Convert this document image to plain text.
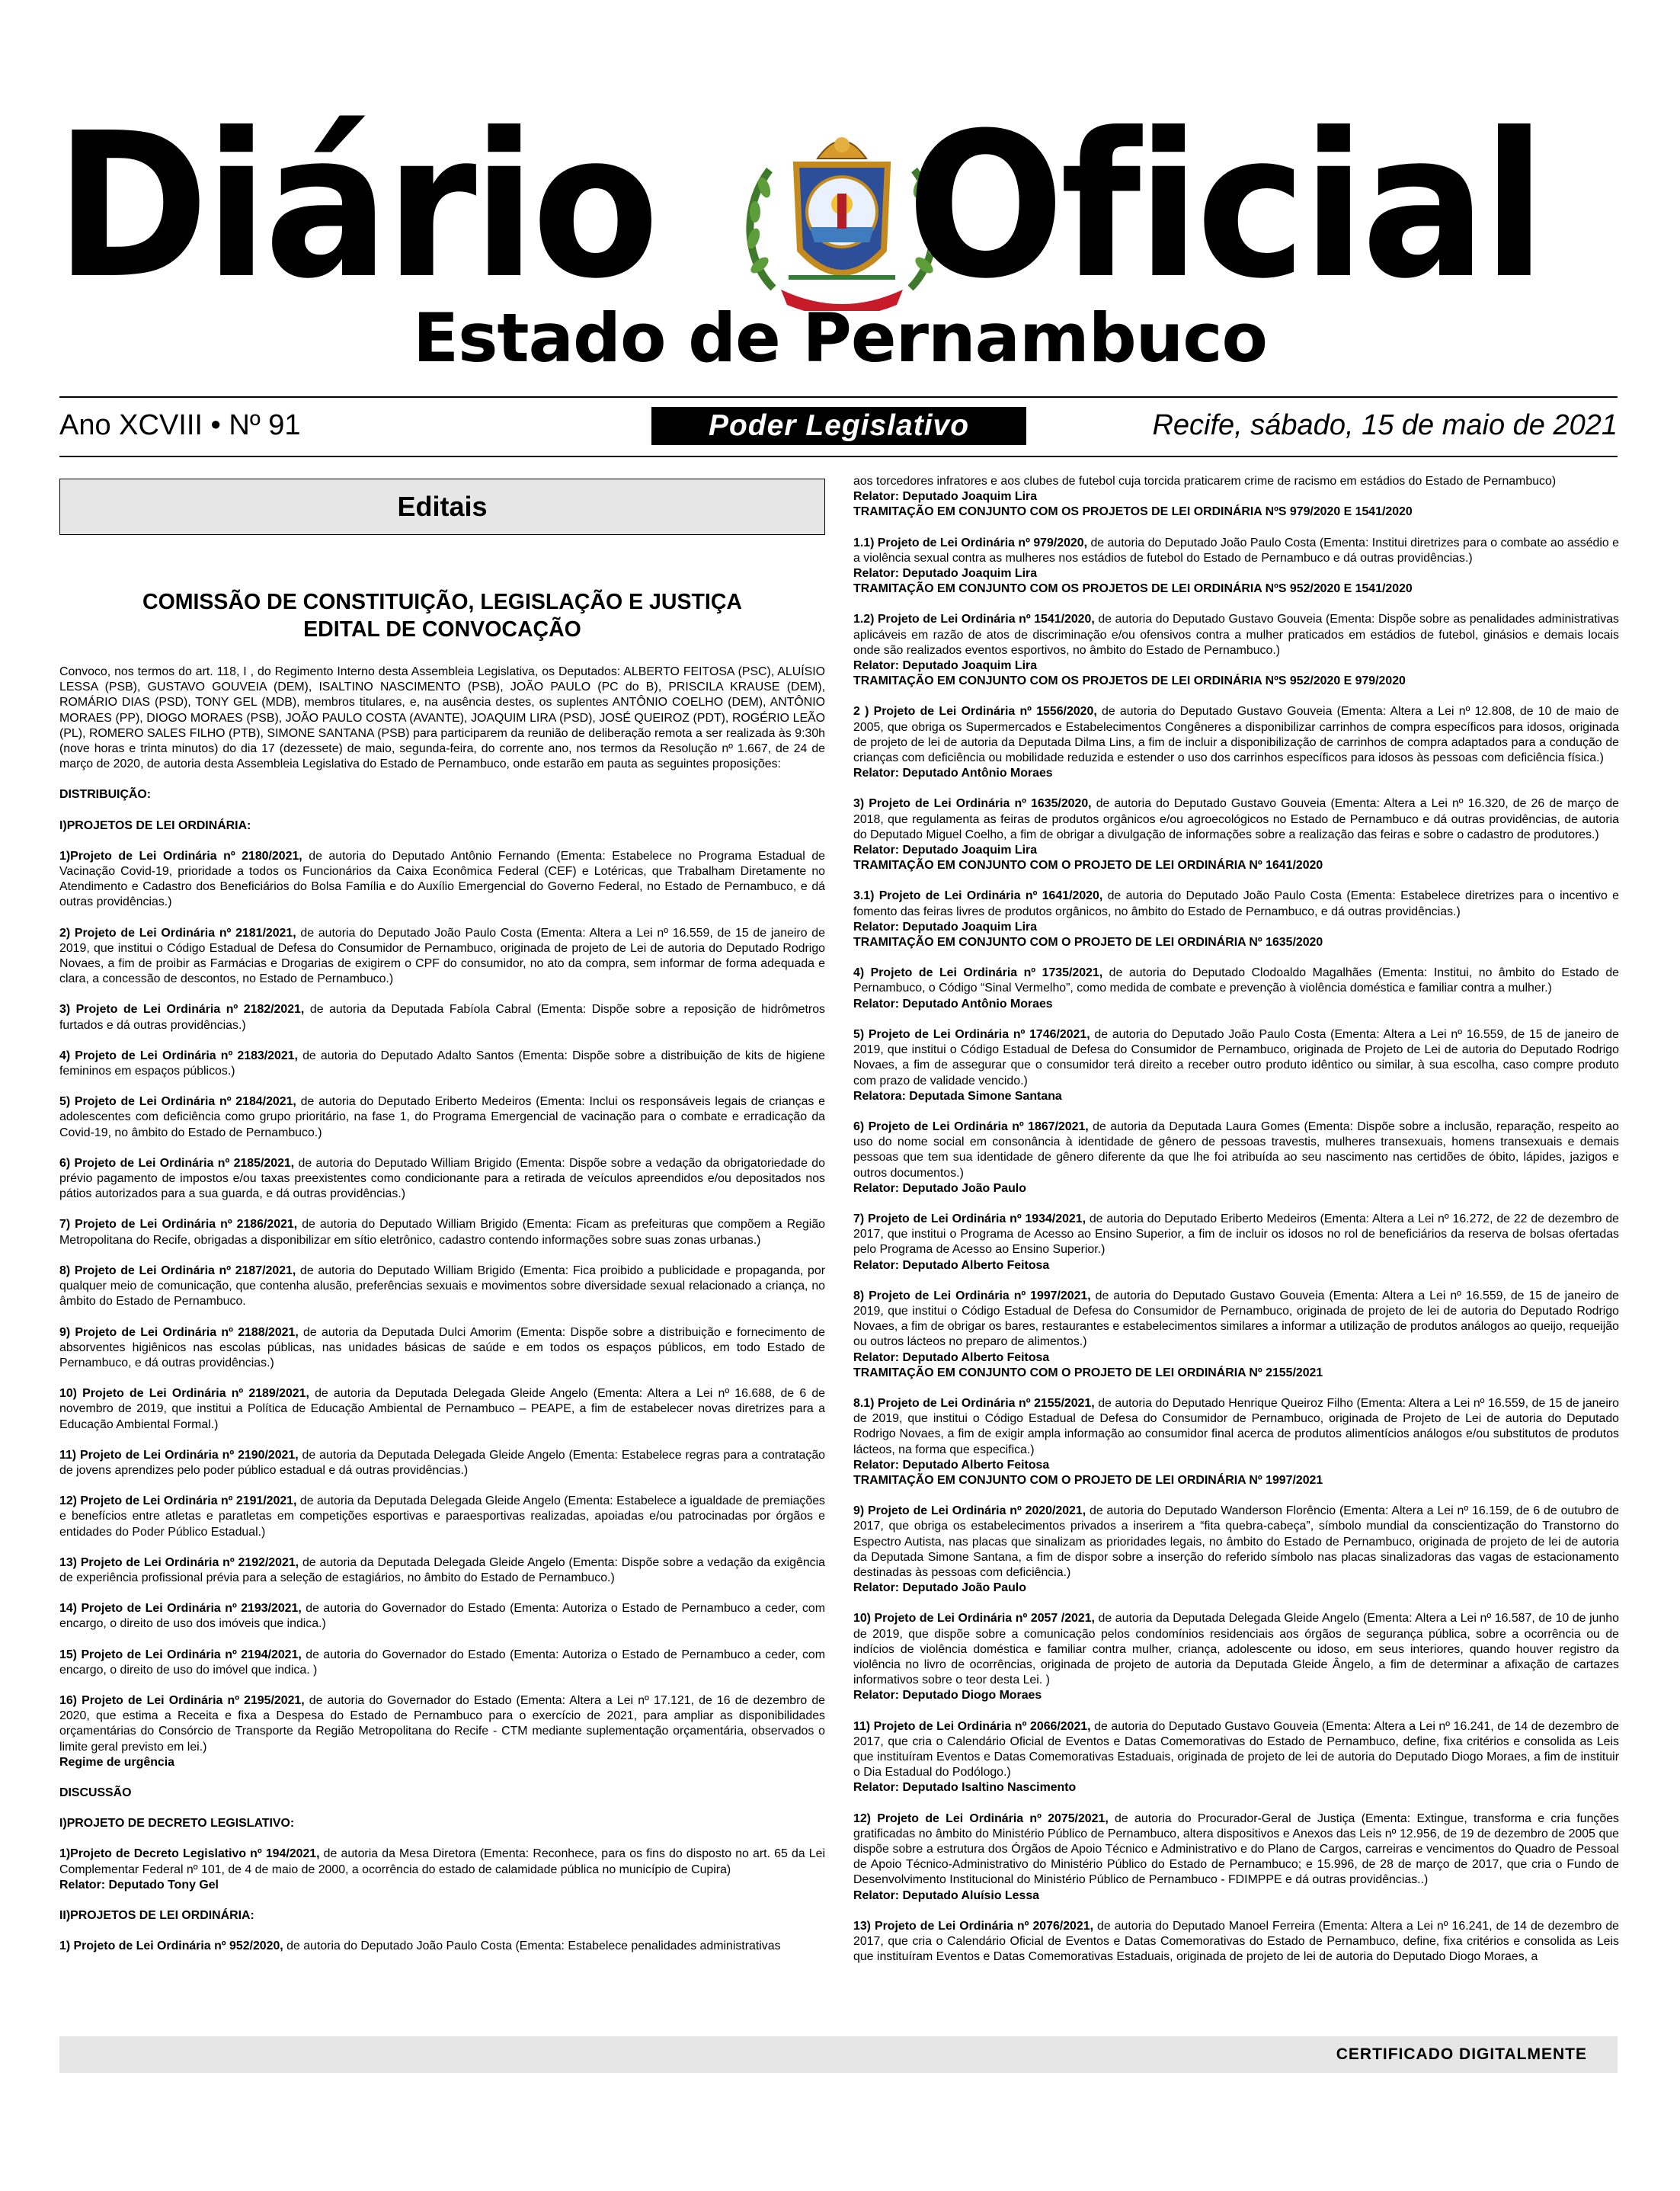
Diário Oficial
Estado de Pernambuco
Ano XCVIII • Nº 91	Poder Legislativo	Recife, sábado, 15 de maio de 2021
Editais
COMISSÃO DE CONSTITUIÇÃO, LEGISLAÇÃO E JUSTIÇA
EDITAL DE CONVOCAÇÃO

Convoco, nos termos do art. 118, I , do Regimento Interno desta Assembleia Legislativa, os Deputados: ALBERTO FEITOSA (PSC), ALUÍSIO LESSA (PSB), GUSTAVO GOUVEIA (DEM), ISALTINO NASCIMENTO (PSB), JOÃO PAULO (PC do B), PRISCILA KRAUSE (DEM), ROMÁRIO DIAS (PSD), TONY GEL (MDB), membros titulares, e, na ausência destes, os suplentes ANTÔNIO COELHO (DEM), ANTÔNIO MORAES (PP), DIOGO MORAES (PSB), JOÃO PAULO COSTA (AVANTE), JOAQUIM LIRA (PSD), JOSÉ QUEIROZ (PDT), ROGÉRIO LEÃO (PL), ROMERO SALES FILHO (PTB), SIMONE SANTANA (PSB) para participarem da reunião de deliberação remota a ser realizada às 9:30h (nove horas e trinta minutos) do dia 17 (dezessete) de maio, segunda-feira, do corrente ano, nos termos da Resolução nº 1.667, de 24 de março de 2020, de autoria desta Assembleia Legislativa do Estado de Pernambuco, onde estarão em pauta as seguintes proposições:

DISTRIBUIÇÃO:

I)PROJETOS DE LEI ORDINÁRIA:

1)Projeto de Lei Ordinária nº 2180/2021, de autoria do Deputado Antônio Fernando (Ementa: Estabelece no Programa Estadual de Vacinação Covid-19, prioridade a todos os Funcionários da Caixa Econômica Federal (CEF) e Lotéricas, que Trabalham Diretamente no Atendimento e Cadastro dos Beneficiários do Bolsa Família e do Auxílio Emergencial do Governo Federal, no Estado de Pernambuco, e dá outras providências.)

2) Projeto de Lei Ordinária nº 2181/2021, de autoria do Deputado João Paulo Costa (Ementa: Altera a Lei nº 16.559, de 15 de janeiro de 2019, que institui o Código Estadual de Defesa do Consumidor de Pernambuco, originada de projeto de Lei de autoria do Deputado Rodrigo Novaes, a fim de proibir as Farmácias e Drogarias de exigirem o CPF do consumidor, no ato da compra, sem informar de forma adequada e clara, a concessão de descontos, no Estado de Pernambuco.)

3) Projeto de Lei Ordinária nº 2182/2021, de autoria da Deputada Fabíola Cabral (Ementa: Dispõe sobre a reposição de hidrômetros furtados e dá outras providências.)

4) Projeto de Lei Ordinária nº 2183/2021, de autoria do Deputado Adalto Santos (Ementa: Dispõe sobre a distribuição de kits de higiene femininos em espaços públicos.)

5) Projeto de Lei Ordinária nº 2184/2021, de autoria do Deputado Eriberto Medeiros (Ementa: Inclui os responsáveis legais de crianças e adolescentes com deficiência como grupo prioritário, na fase 1, do Programa Emergencial de vacinação para o combate e erradicação da Covid-19, no âmbito do Estado de Pernambuco.)

6) Projeto de Lei Ordinária nº 2185/2021, de autoria do Deputado William Brigido (Ementa: Dispõe sobre a vedação da obrigatoriedade do prévio pagamento de impostos e/ou taxas preexistentes como condicionante para a retirada de veículos apreendidos e/ou depositados nos pátios autorizados para a sua guarda, e dá outras providências.)

7) Projeto de Lei Ordinária nº 2186/2021, de autoria do Deputado William Brigido (Ementa: Ficam as prefeituras que compõem a Região Metropolitana do Recife, obrigadas a disponibilizar em sítio eletrônico, cadastro contendo informações sobre suas zonas urbanas.)

8) Projeto de Lei Ordinária nº 2187/2021, de autoria do Deputado William Brigido (Ementa: Fica proibido a publicidade e propaganda, por qualquer meio de comunicação, que contenha alusão, preferências sexuais e movimentos sobre diversidade sexual relacionado a criança, no âmbito do Estado de Pernambuco.

9) Projeto de Lei Ordinária nº 2188/2021, de autoria da Deputada Dulci Amorim (Ementa: Dispõe sobre a distribuição e fornecimento de absorventes higiênicos nas escolas públicas, nas unidades básicas de saúde e em todos os espaços públicos, em todo Estado de Pernambuco, e dá outras providências.)

10) Projeto de Lei Ordinária nº 2189/2021, de autoria da Deputada Delegada Gleide Angelo (Ementa: Altera a Lei nº 16.688, de 6 de novembro de 2019, que institui a Política de Educação Ambiental de Pernambuco – PEAPE, a fim de estabelecer novas diretrizes para a Educação Ambiental Formal.)

11) Projeto de Lei Ordinária nº 2190/2021, de autoria da Deputada Delegada Gleide Angelo (Ementa: Estabelece regras para a contratação de jovens aprendizes pelo poder público estadual e dá outras providências.)

12) Projeto de Lei Ordinária nº 2191/2021, de autoria da Deputada Delegada Gleide Angelo (Ementa: Estabelece a igualdade de premiações e benefícios entre atletas e paratletas em competições esportivas e paraesportivas realizadas, apoiadas e/ou patrocinadas por órgãos e entidades do Poder Público Estadual.)

13) Projeto de Lei Ordinária nº 2192/2021, de autoria da Deputada Delegada Gleide Angelo (Ementa: Dispõe sobre a vedação da exigência de experiência profissional prévia para a seleção de estagiários, no âmbito do Estado de Pernambuco.)

14) Projeto de Lei Ordinária nº 2193/2021, de autoria do Governador do Estado (Ementa: Autoriza o Estado de Pernambuco a ceder, com encargo, o direito de uso dos imóveis que indica.)

15) Projeto de Lei Ordinária nº 2194/2021, de autoria do Governador do Estado (Ementa: Autoriza o Estado de Pernambuco a ceder, com encargo, o direito de uso do imóvel que indica. )

16) Projeto de Lei Ordinária nº 2195/2021, de autoria do Governador do Estado (Ementa: Altera a Lei nº 17.121, de 16 de dezembro de 2020, que estima a Receita e fixa a Despesa do Estado de Pernambuco para o exercício de 2021, para ampliar as disponibilidades orçamentárias do Consórcio de Transporte da Região Metropolitana do Recife - CTM mediante suplementação orçamentária, observados o limite geral previsto em lei.)
Regime de urgência

DISCUSSÃO

I)PROJETO DE DECRETO LEGISLATIVO:

1)Projeto de Decreto Legislativo nº 194/2021, de autoria da Mesa Diretora (Ementa: Reconhece, para os fins do disposto no art. 65 da Lei Complementar Federal nº 101, de 4 de maio de 2000, a ocorrência do estado de calamidade pública no município de Cupira)
Relator: Deputado Tony Gel

II)PROJETOS DE LEI ORDINÁRIA:

1) Projeto de Lei Ordinária nº 952/2020, de autoria do Deputado João Paulo Costa (Ementa: Estabelece penalidades administrativas

aos torcedores infratores e aos clubes de futebol cuja torcida praticarem crime de racismo em estádios do Estado de Pernambuco)
Relator: Deputado Joaquim Lira
TRAMITAÇÃO EM CONJUNTO COM OS PROJETOS DE LEI ORDINÁRIA NºS 979/2020 E 1541/2020

1.1) Projeto de Lei Ordinária nº 979/2020, de autoria do Deputado João Paulo Costa (Ementa: Institui diretrizes para o combate ao assédio e a violência sexual contra as mulheres nos estádios de futebol do Estado de Pernambuco e dá outras providências.)
Relator: Deputado Joaquim Lira
TRAMITAÇÃO EM CONJUNTO COM OS PROJETOS DE LEI ORDINÁRIA NºS 952/2020 E 1541/2020

1.2) Projeto de Lei Ordinária nº 1541/2020, de autoria do Deputado Gustavo Gouveia (Ementa: Dispõe sobre as penalidades administrativas aplicáveis em razão de atos de discriminação e/ou ofensivos contra a mulher praticados em estádios de futebol, ginásios e demais locais onde são realizados eventos esportivos, no âmbito do Estado de Pernambuco.)
Relator: Deputado Joaquim Lira
TRAMITAÇÃO EM CONJUNTO COM OS PROJETOS DE LEI ORDINÁRIA NºS 952/2020 E 979/2020

2 ) Projeto de Lei Ordinária nº 1556/2020, de autoria do Deputado Gustavo Gouveia (Ementa: Altera a Lei nº 12.808, de 10 de maio de 2005, que obriga os Supermercados e Estabelecimentos Congêneres a disponibilizar carrinhos de compra específicos para idosos, originada de projeto de lei de autoria da Deputada Dilma Lins, a fim de incluir a disponibilização de carrinhos de compra adaptados para a condução de crianças com deficiência ou mobilidade reduzida e estender o uso dos carrinhos específicos para idosos às pessoas com deficiência física.)
Relator: Deputado Antônio Moraes

3) Projeto de Lei Ordinária nº 1635/2020, de autoria do Deputado Gustavo Gouveia (Ementa: Altera a Lei nº 16.320, de 26 de março de 2018, que regulamenta as feiras de produtos orgânicos e/ou agroecológicos no Estado de Pernambuco e dá outras providências, de autoria do Deputado Miguel Coelho, a fim de obrigar a divulgação de informações sobre a realização das feiras e sobre o cadastro de produtores.)
Relator: Deputado Joaquim Lira
TRAMITAÇÃO EM CONJUNTO COM O PROJETO DE LEI ORDINÁRIA Nº 1641/2020

3.1) Projeto de Lei Ordinária nº 1641/2020, de autoria do Deputado João Paulo Costa (Ementa: Estabelece diretrizes para o incentivo e fomento das feiras livres de produtos orgânicos, no âmbito do Estado de Pernambuco, e dá outras providências.)
Relator: Deputado Joaquim Lira
TRAMITAÇÃO EM CONJUNTO COM O PROJETO DE LEI ORDINÁRIA Nº 1635/2020

4) Projeto de Lei Ordinária nº 1735/2021, de autoria do Deputado Clodoaldo Magalhães (Ementa: Institui, no âmbito do Estado de Pernambuco, o Código “Sinal Vermelho”, como medida de combate e prevenção à violência doméstica e familiar contra a mulher.)
Relator: Deputado Antônio Moraes

5) Projeto de Lei Ordinária nº 1746/2021, de autoria do Deputado João Paulo Costa (Ementa: Altera a Lei nº 16.559, de 15 de janeiro de 2019, que institui o Código Estadual de Defesa do Consumidor de Pernambuco, originada de Projeto de Lei de autoria do Deputado Rodrigo Novaes, a fim de assegurar que o consumidor terá direito a receber outro produto idêntico ou similar, à sua escolha, caso compre produto com prazo de validade vencido.)
Relatora: Deputada Simone Santana

6) Projeto de Lei Ordinária nº 1867/2021, de autoria da Deputada Laura Gomes (Ementa: Dispõe sobre a inclusão, reparação, respeito ao uso do nome social em consonância à identidade de gênero de pessoas travestis, mulheres transexuais, homens transexuais e demais pessoas que tem sua identidade de gênero diferente da que lhe foi atribuída ao seu nascimento nas certidões de óbito, lápides, jazigos e outros documentos.)
Relator: Deputado João Paulo

7) Projeto de Lei Ordinária nº 1934/2021, de autoria do Deputado Eriberto Medeiros (Ementa: Altera a Lei nº 16.272, de 22 de dezembro de 2017, que institui o Programa de Acesso ao Ensino Superior, a fim de incluir os idosos no rol de beneficiários da reserva de bolsas ofertadas pelo Programa de Acesso ao Ensino Superior.)
Relator: Deputado Alberto Feitosa

8) Projeto de Lei Ordinária nº 1997/2021, de autoria do Deputado Gustavo Gouveia (Ementa: Altera a Lei nº 16.559, de 15 de janeiro de 2019, que institui o Código Estadual de Defesa do Consumidor de Pernambuco, originada de projeto de lei de autoria do Deputado Rodrigo Novaes, a fim de obrigar os bares, restaurantes e estabelecimentos similares a informar a utilização de produtos análogos ao queijo, requeijão ou outros lácteos no preparo de alimentos.)
Relator: Deputado Alberto Feitosa
TRAMITAÇÃO EM CONJUNTO COM O PROJETO DE LEI ORDINÁRIA Nº 2155/2021

8.1) Projeto de Lei Ordinária nº 2155/2021, de autoria do Deputado Henrique Queiroz Filho (Ementa: Altera a Lei nº 16.559, de 15 de janeiro de 2019, que institui o Código Estadual de Defesa do Consumidor de Pernambuco, originada de Projeto de Lei de autoria do Deputado Rodrigo Novaes, a fim de exigir ampla informação ao consumidor final acerca de produtos alimentícios análogos e/ou substitutos de produtos lácteos, na forma que especifica.)
Relator: Deputado Alberto Feitosa
TRAMITAÇÃO EM CONJUNTO COM O PROJETO DE LEI ORDINÁRIA Nº 1997/2021

9) Projeto de Lei Ordinária nº 2020/2021, de autoria do Deputado Wanderson Florêncio (Ementa: Altera a Lei nº 16.159, de 6 de outubro de 2017, que obriga os estabelecimentos privados a inserirem a “fita quebra-cabeça”, símbolo mundial da conscientização do Transtorno do Espectro Autista, nas placas que sinalizam as prioridades legais, no âmbito do Estado de Pernambuco, originada de projeto de lei de autoria da Deputada Simone Santana, a fim de dispor sobre a inserção do referido símbolo nas placas sinalizadoras das vagas de estacionamento destinadas às pessoas com deficiência.)
Relator: Deputado João Paulo

10) Projeto de Lei Ordinária nº 2057 /2021, de autoria da Deputada Delegada Gleide Angelo (Ementa: Altera a Lei nº 16.587, de 10 de junho de 2019, que dispõe sobre a comunicação pelos condomínios residenciais aos órgãos de segurança pública, sobre a ocorrência ou de indícios de violência doméstica e familiar contra mulher, criança, adolescente ou idoso, em seus interiores, quando houver registro da violência no livro de ocorrências, originada de projeto de autoria da Deputada Gleide Ângelo, a fim de determinar a afixação de cartazes informativos sobre o teor desta Lei. )
Relator: Deputado Diogo Moraes

11) Projeto de Lei Ordinária nº 2066/2021, de autoria do Deputado Gustavo Gouveia (Ementa: Altera a Lei nº 16.241, de 14 de dezembro de 2017, que cria o Calendário Oficial de Eventos e Datas Comemorativas do Estado de Pernambuco, define, fixa critérios e consolida as Leis que instituíram Eventos e Datas Comemorativas Estaduais, originada de projeto de lei de autoria do Deputado Diogo Moraes, a fim de instituir o Dia Estadual do Podólogo.)
Relator: Deputado Isaltino Nascimento

12) Projeto de Lei Ordinária nº 2075/2021, de autoria do Procurador-Geral de Justiça (Ementa: Extingue, transforma e cria funções gratificadas no âmbito do Ministério Público de Pernambuco, altera dispositivos e Anexos das Leis nº 12.956, de 19 de dezembro de 2005 que dispõe sobre a estrutura dos Órgãos de Apoio Técnico e Administrativo e do Plano de Cargos, carreiras e vencimentos do Quadro de Pessoal de Apoio Técnico-Administrativo do Ministério Público do Estado de Pernambuco; e 15.996, de 28 de março de 2017, que cria o Fundo de Desenvolvimento Institucional do Ministério Público de Pernambuco - FDIMPPE e dá outras providências..)
Relator: Deputado Aluísio Lessa

13) Projeto de Lei Ordinária nº 2076/2021, de autoria do Deputado Manoel Ferreira (Ementa: Altera a Lei nº 16.241, de 14 de dezembro de 2017, que cria o Calendário Oficial de Eventos e Datas Comemorativas do Estado de Pernambuco, define, fixa critérios e consolida as Leis que instituíram Eventos e Datas Comemorativas Estaduais, originada de projeto de lei de autoria do Deputado Diogo Moraes, a

CERTIFICADO DIGITALMENTE
